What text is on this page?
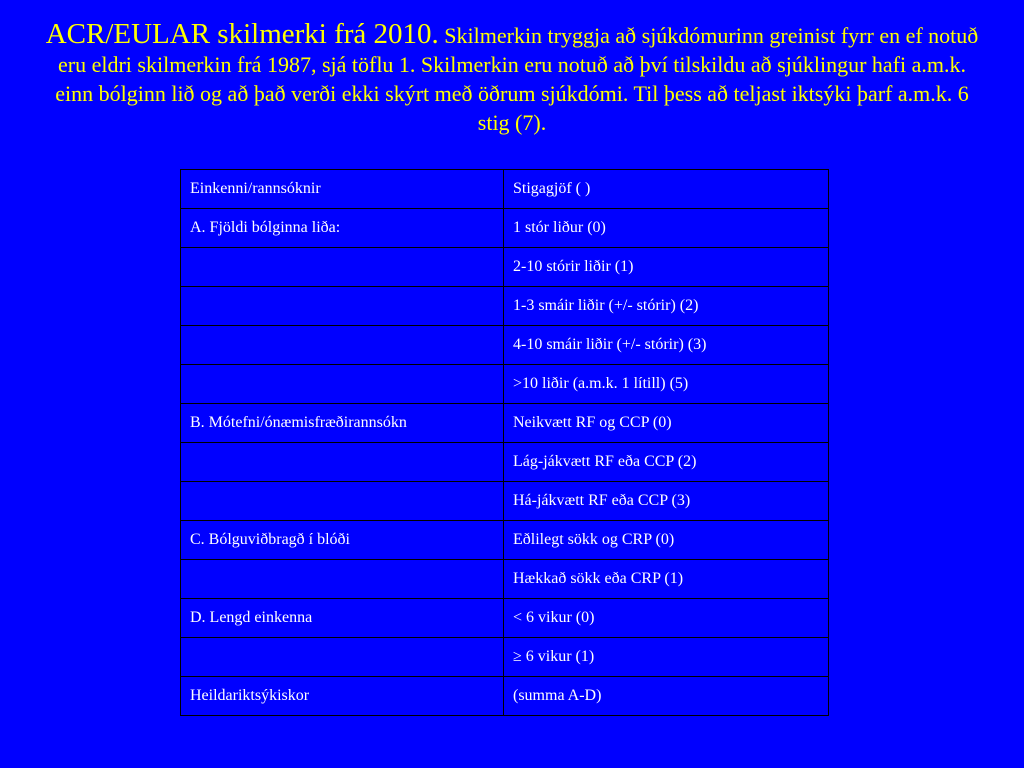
ACR/EULAR skilmerki frá 2010. Skilmerkin tryggja að sjúkdómurinn greinist fyrr en ef notuð eru eldri skilmerkin frá 1987, sjá töflu 1. Skilmerkin eru notuð að því tilskildu að sjúklingur hafi a.m.k. einn bólginn lið og að það verði ekki skýrt með öðrum sjúkdómi. Til þess að teljast iktsýki þarf a.m.k. 6 stig (7).
Einkenni/rannsóknir	Stigagjöf ( )
A. Fjöldi bólginna liða:	1 stór liður (0)
	2-10 stórir liðir (1)
	1-3 smáir liðir (+/- stórir) (2)
	4-10 smáir liðir (+/- stórir) (3)
	>10 liðir (a.m.k. 1 lítill) (5)
B. Mótefni/ónæmisfræðirannsókn	Neikvætt RF og CCP (0)
	Lág-jákvætt RF eða CCP (2)
	Há-jákvætt RF eða CCP (3)
C. Bólguviðbragð í blóði	Eðlilegt sökk og CRP (0)
	Hækkað sökk eða CRP (1)
D. Lengd einkenna	< 6 vikur (0)
	≥ 6 vikur (1)
Heildariktsýkiskor	(summa A-D)
